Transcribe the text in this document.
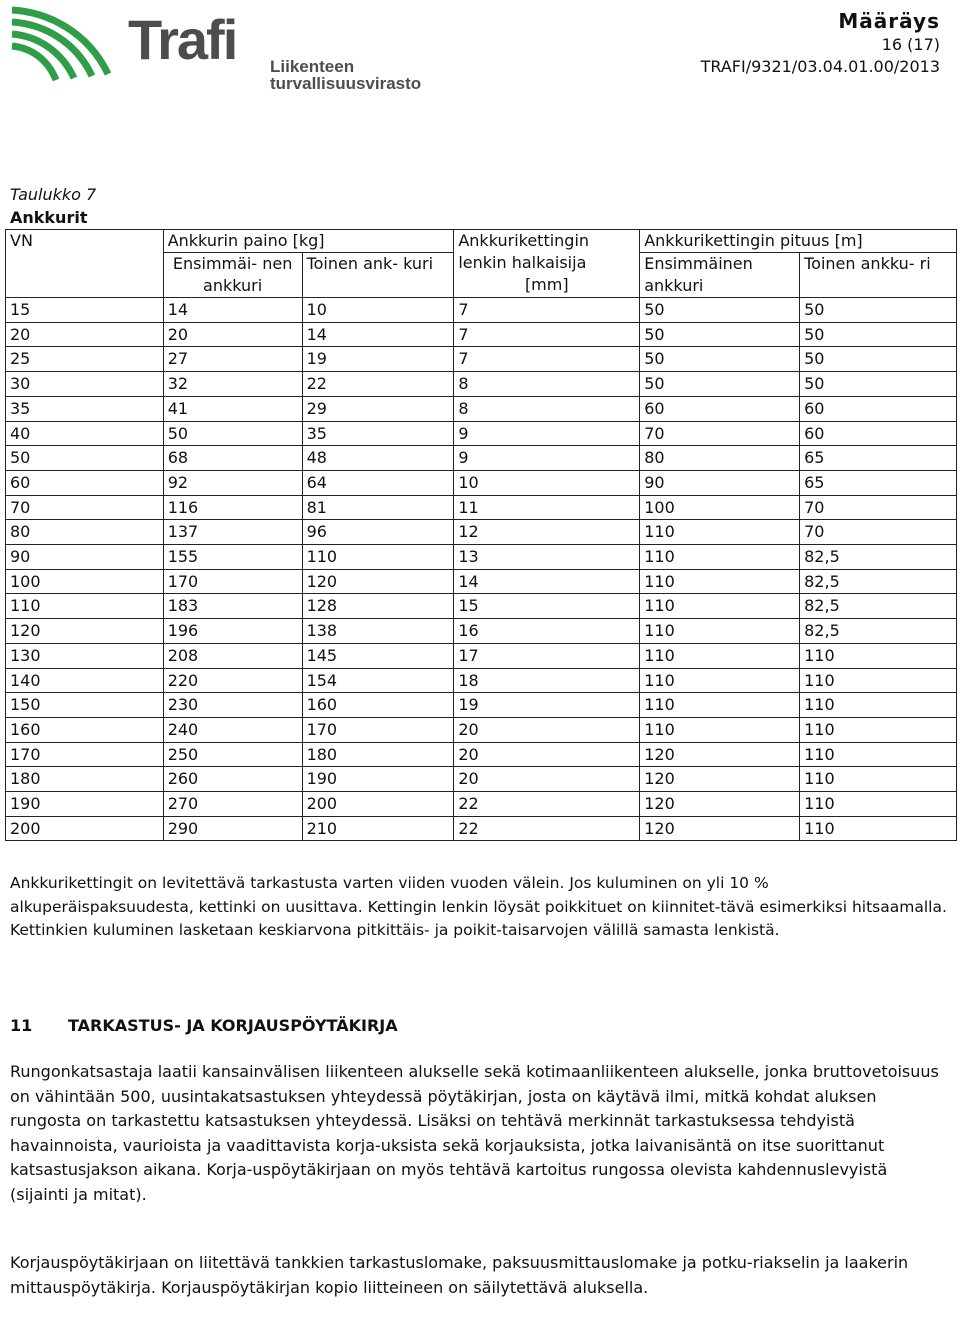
Trafi Liikenteen turvallisuusvirasto
Määräys
16 (17)
TRAFI/9321/03.04.01.00/2013
Taulukko 7
Ankkurit
VN	Ankkurin paino [kg]		Ankkurikettingin
lenkin halkaisija
[mm]	Ankkurikettingin pituus [m]	
	Ensimmäi- nen ankkuri	Toinen ank- kuri		Ensimmäinen ankkuri	Toinen ankku- ri
15	14	10	7	50	50
20	20	14	7	50	50
25	27	19	7	50	50
30	32	22	8	50	50
35	41	29	8	60	60
40	50	35	9	70	60
50	68	48	9	80	65
60	92	64	10	90	65
70	116	81	11	100	70
80	137	96	12	110	70
90	155	110	13	110	82,5
100	170	120	14	110	82,5
110	183	128	15	110	82,5
120	196	138	16	110	82,5
130	208	145	17	110	110
140	220	154	18	110	110
150	230	160	19	110	110
160	240	170	20	110	110
170	250	180	20	120	110
180	260	190	20	120	110
190	270	200	22	120	110
200	290	210	22	120	110
Ankkurikettingit on levitettävä tarkastusta varten viiden vuoden välein. Jos kuluminen on yli 10 % alkuperäispaksuudesta, kettinki on uusittava. Kettingin lenkin löysät poikkituet on kiinnitet-tävä esimerkiksi hitsaamalla. Kettinkien kuluminen lasketaan keskiarvona pitkittäis- ja poikit-taisarvojen välillä samasta lenkistä.
11 TARKASTUS- JA KORJAUSPÖYTÄKIRJA
Rungonkatsastaja laatii kansainvälisen liikenteen alukselle sekä kotimaanliikenteen alukselle, jonka bruttovetoisuus on vähintään 500, uusintakatsastuksen yhteydessä pöytäkirjan, josta on käytävä ilmi, mitkä kohdat aluksen rungosta on tarkastettu katsastuksen yhteydessä. Lisäksi on tehtävä merkinnät tarkastuksessa tehdyistä havainnoista, vaurioista ja vaadittavista korja-uksista sekä korjauksista, jotka laivanisäntä on itse suorittanut katsastusjakson aikana. Korja-uspöytäkirjaan on myös tehtävä kartoitus rungossa olevista kahdennuslevyistä (sijainti ja mitat).
Korjauspöytäkirjaan on liitettävä tankkien tarkastuslomake, paksuusmittauslomake ja potku-riakselin ja laakerin mittauspöytäkirja. Korjauspöytäkirjan kopio liitteineen on säilytettävä aluksella.
